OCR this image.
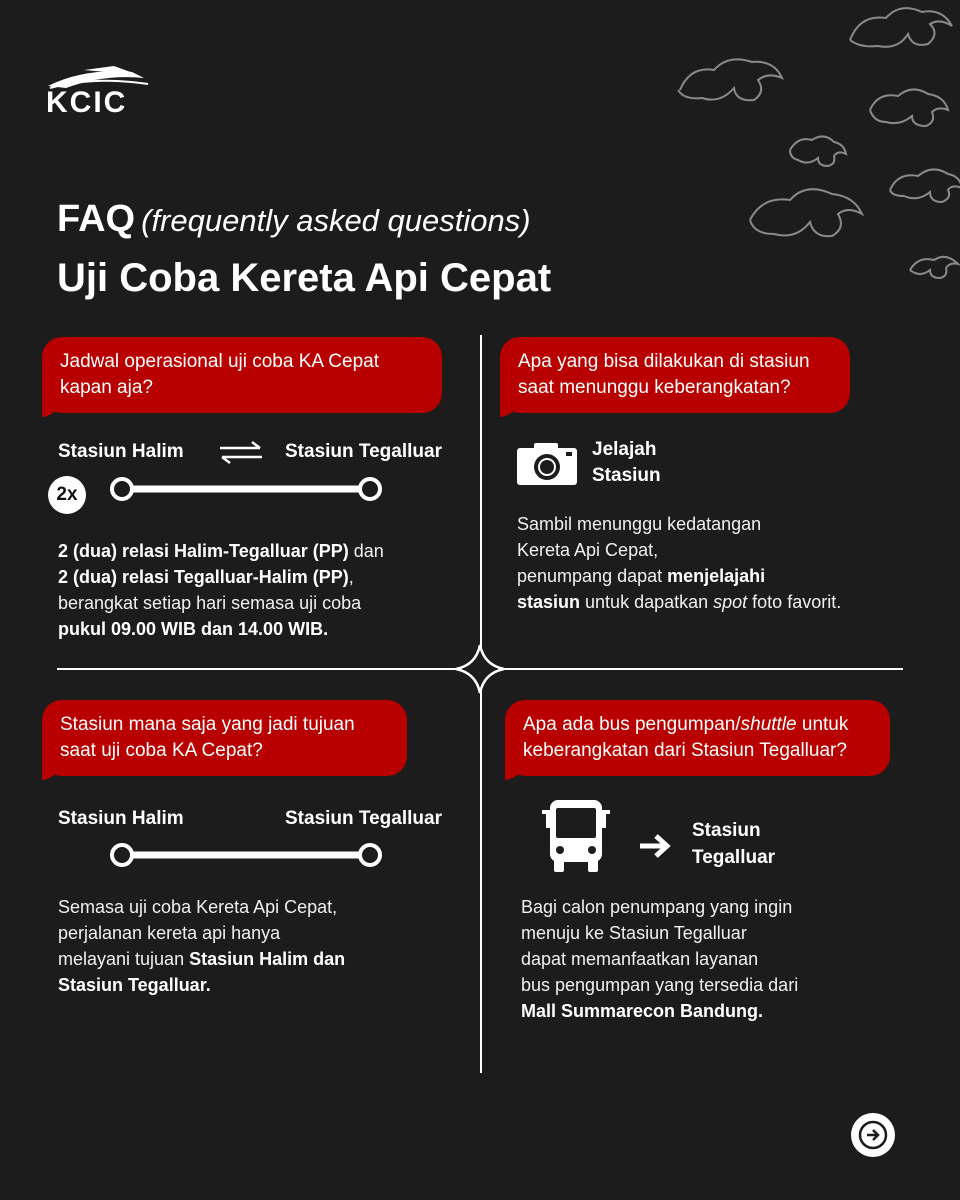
KCIC
FAQ (frequently asked questions)
Uji Coba Kereta Api Cepat
Jadwal operasional uji coba KA Cepat
kapan aja?
Stasiun Halim	Stasiun Tegalluar
2x
2 (dua) relasi Halim-Tegalluar (PP) dan
2 (dua) relasi Tegalluar-Halim (PP),
berangkat setiap hari semasa uji coba
pukul 09.00 WIB dan 14.00 WIB.
Apa yang bisa dilakukan di stasiun
saat menunggu keberangkatan?
Jelajah
Stasiun
Sambil menunggu kedatangan
Kereta Api Cepat,
penumpang dapat menjelajahi
stasiun untuk dapatkan spot foto favorit.
Stasiun mana saja yang jadi tujuan
saat uji coba KA Cepat?
Stasiun Halim	Stasiun Tegalluar
Semasa uji coba Kereta Api Cepat,
perjalanan kereta api hanya
melayani tujuan Stasiun Halim dan
Stasiun Tegalluar.
Apa ada bus pengumpan/shuttle untuk
keberangkatan dari Stasiun Tegalluar?
Stasiun
Tegalluar
Bagi calon penumpang yang ingin
menuju ke Stasiun Tegalluar
dapat memanfaatkan layanan
bus pengumpan yang tersedia dari
Mall Summarecon Bandung.
